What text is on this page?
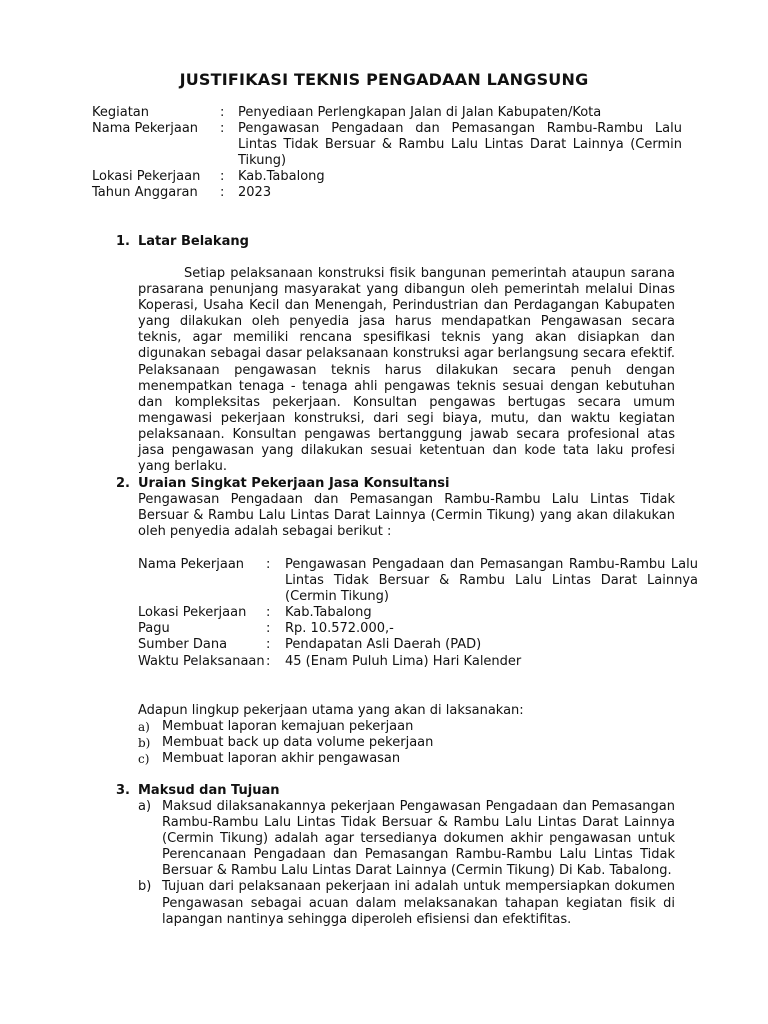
JUSTIFIKASI TEKNIS PENGADAAN LANGSUNG
Kegiatan	:	Penyediaan Perlengkapan Jalan di Jalan Kabupaten/Kota
Nama Pekerjaan	:	Pengawasan Pengadaan dan Pemasangan Rambu-Rambu Lalu Lintas Tidak Bersuar & Rambu Lalu Lintas Darat Lainnya (Cermin Tikung)
Lokasi Pekerjaan	:	Kab.Tabalong
Tahun Anggaran	:	2023
1. Latar Belakang

Setiap pelaksanaan konstruksi fisik bangunan pemerintah ataupun sarana prasarana penunjang masyarakat yang dibangun oleh pemerintah melalui Dinas Koperasi, Usaha Kecil dan Menengah, Perindustrian dan Perdagangan Kabupaten yang dilakukan oleh penyedia jasa harus mendapatkan Pengawasan secara teknis, agar memiliki rencana spesifikasi teknis yang akan disiapkan dan digunakan sebagai dasar pelaksanaan konstruksi agar berlangsung secara efektif. Pelaksanaan pengawasan teknis harus dilakukan secara penuh dengan menempatkan tenaga - tenaga ahli pengawas teknis sesuai dengan kebutuhan dan kompleksitas pekerjaan. Konsultan pengawas bertugas secara umum mengawasi pekerjaan konstruksi, dari segi biaya, mutu, dan waktu kegiatan pelaksanaan. Konsultan pengawas bertanggung jawab secara profesional atas jasa pengawasan yang dilakukan sesuai ketentuan dan kode tata laku profesi yang berlaku.

2. Uraian Singkat Pekerjaan Jasa Konsultansi

Pengawasan Pengadaan dan Pemasangan Rambu-Rambu Lalu Lintas Tidak Bersuar & Rambu Lalu Lintas Darat Lainnya (Cermin Tikung) yang akan dilakukan oleh penyedia adalah sebagai berikut :

Nama Pekerjaan	:	Pengawasan Pengadaan dan Pemasangan Rambu-Rambu Lalu Lintas Tidak Bersuar & Rambu Lalu Lintas Darat Lainnya (Cermin Tikung)
Lokasi Pekerjaan	:	Kab.Tabalong
Pagu	:	Rp. 10.572.000,-
Sumber Dana	:	Pendapatan Asli Daerah (PAD)
Waktu Pelaksanaan :	45 (Enam Puluh Lima) Hari Kalender

Adapun lingkup pekerjaan utama yang akan di laksanakan:

a) Membuat laporan kemajuan pekerjaan
b) Membuat back up data volume pekerjaan
c) Membuat laporan akhir pengawasan
3. Maksud dan Tujuan
a) Maksud dilaksanakannya pekerjaan Pengawasan Pengadaan dan Pemasangan Rambu-Rambu Lalu Lintas Tidak Bersuar & Rambu Lalu Lintas Darat Lainnya (Cermin Tikung) adalah agar tersedianya dokumen akhir pengawasan untuk Perencanaan Pengadaan dan Pemasangan Rambu-Rambu Lalu Lintas Tidak Bersuar & Rambu Lalu Lintas Darat Lainnya (Cermin Tikung) Di Kab. Tabalong.
b) Tujuan dari pelaksanaan pekerjaan ini adalah untuk mempersiapkan dokumen Pengawasan sebagai acuan dalam melaksanakan tahapan kegiatan fisik di lapangan nantinya sehingga diperoleh efisiensi dan efektifitas.
